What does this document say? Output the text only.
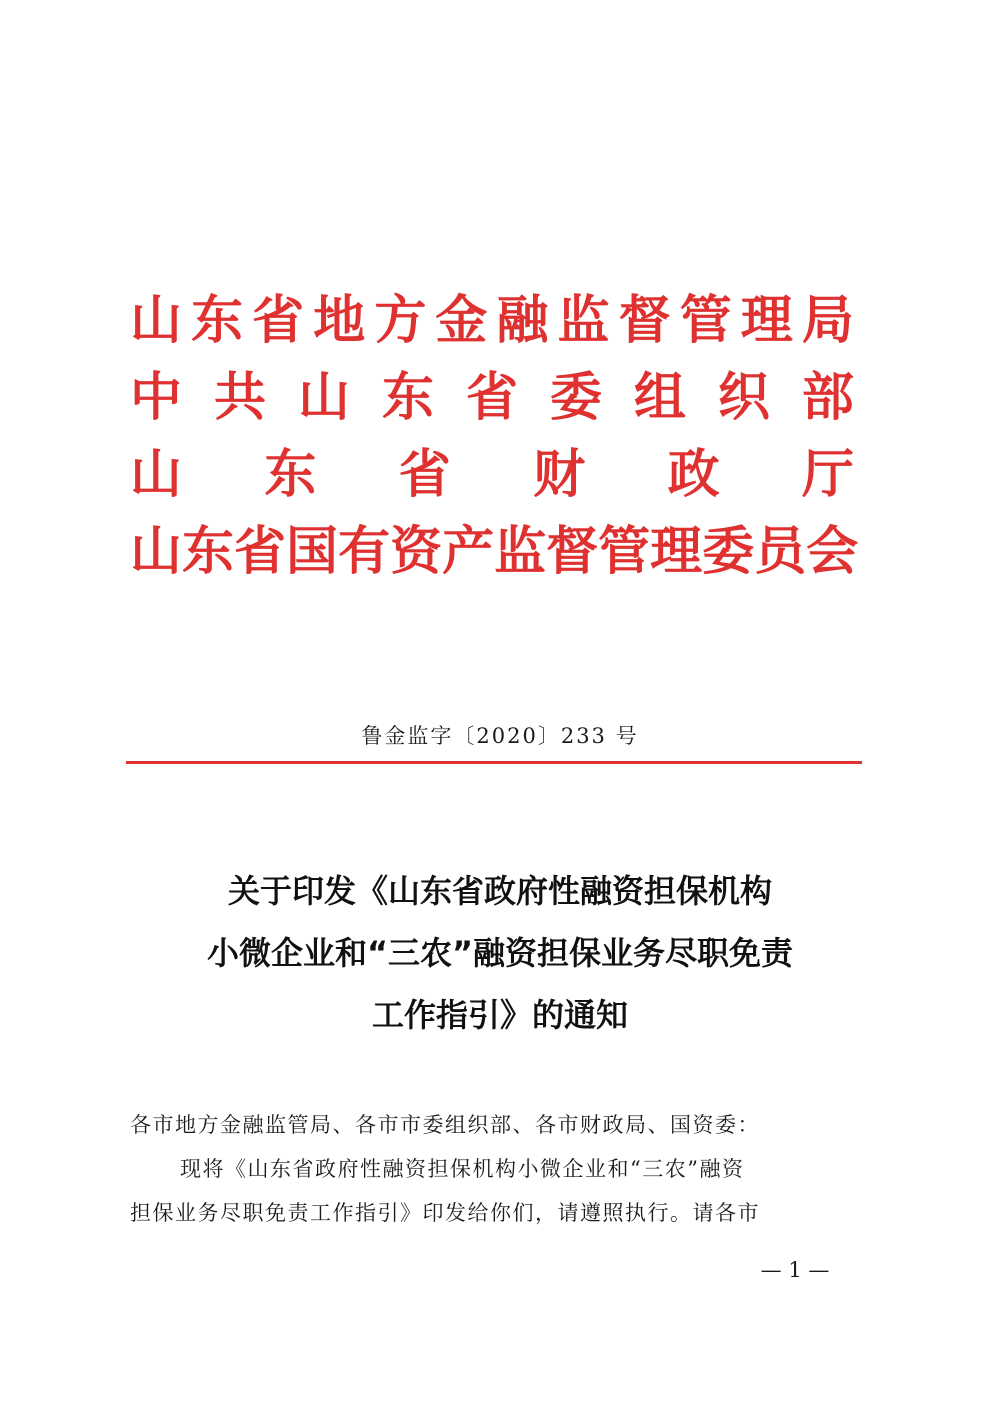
山 东 省 地 方 金 融 监 督 管 理 局
中 共 山 东 省 委 组 织 部
山 东 省 财 政 厅
山 东 省 国 有 资 产 监 督 管 理 委 员 会
鲁金监字〔2020〕233 号
关于印发《山东省政府性融资担保机构
小微企业和“三农”融资担保业务尽职免责
工作指引》的通知
各市地方金融监管局、各市市委组织部、各市财政局、国资委：
现将《山东省政府性融资担保机构小微企业和“三农”融资
担保业务尽职免责工作指引》印发给你们，请遵照执行。请各市
— 1 —
